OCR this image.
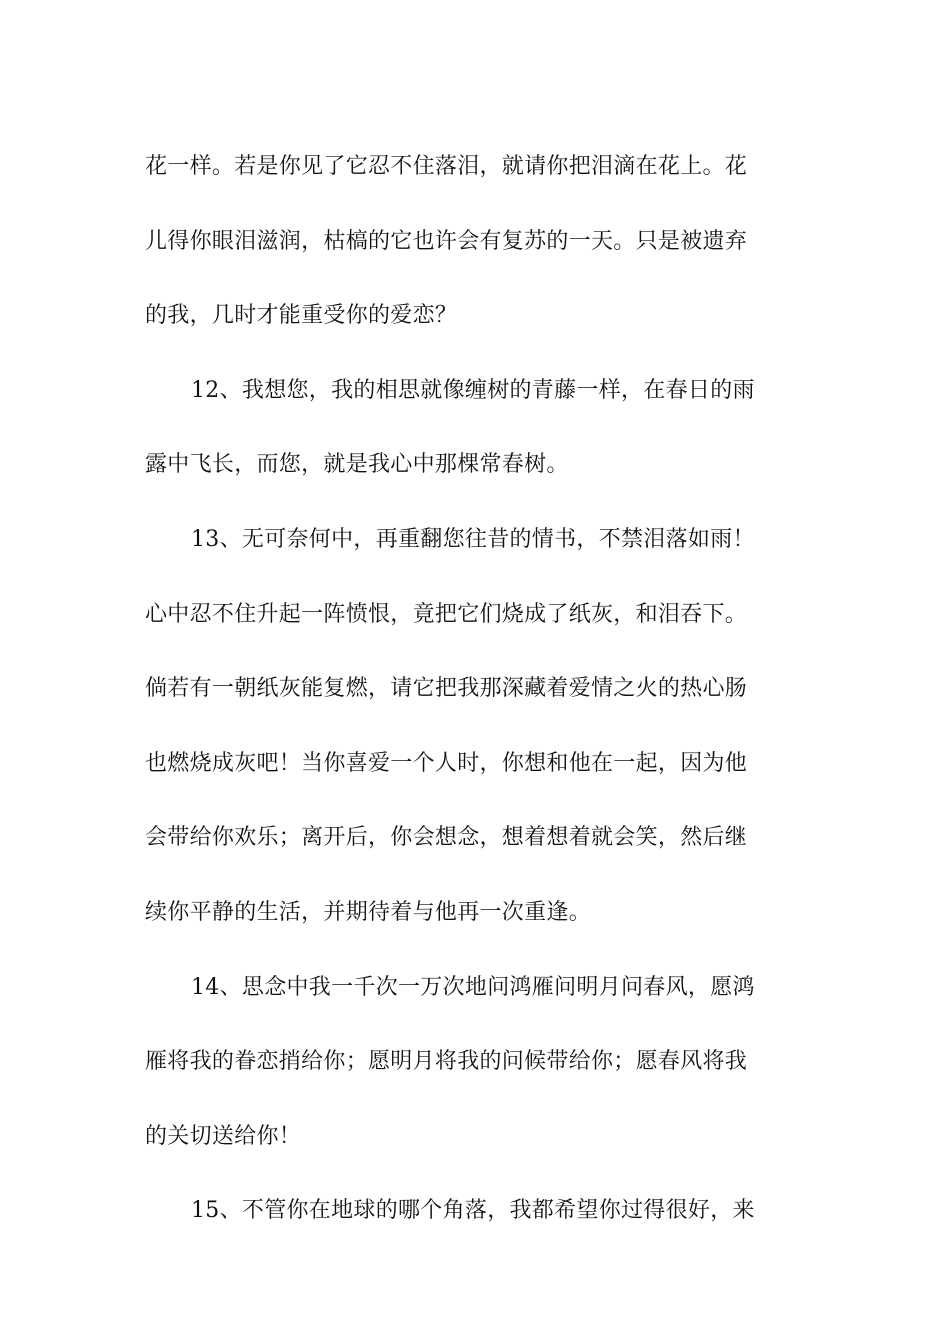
花一样。若是你见了它忍不住落泪，就请你把泪滴在花上。花
儿得你眼泪滋润，枯槁的它也许会有复苏的一天。只是被遗弃
的我，几时才能重受你的爱恋？
12、我想您，我的相思就像缠树的青藤一样，在春日的雨
露中飞长，而您，就是我心中那棵常春树。
13、无可奈何中，再重翻您往昔的情书，不禁泪落如雨！
心中忍不住升起一阵愤恨，竟把它们烧成了纸灰，和泪吞下。
倘若有一朝纸灰能复燃，请它把我那深藏着爱情之火的热心肠
也燃烧成灰吧！当你喜爱一个人时，你想和他在一起，因为他
会带给你欢乐；离开后，你会想念，想着想着就会笑，然后继
续你平静的生活，并期待着与他再一次重逢。
14、思念中我一千次一万次地问鸿雁问明月问春风，愿鸿
雁将我的眷恋捎给你；愿明月将我的问候带给你；愿春风将我
的关切送给你！
15、不管你在地球的哪个角落，我都希望你过得很好，来
